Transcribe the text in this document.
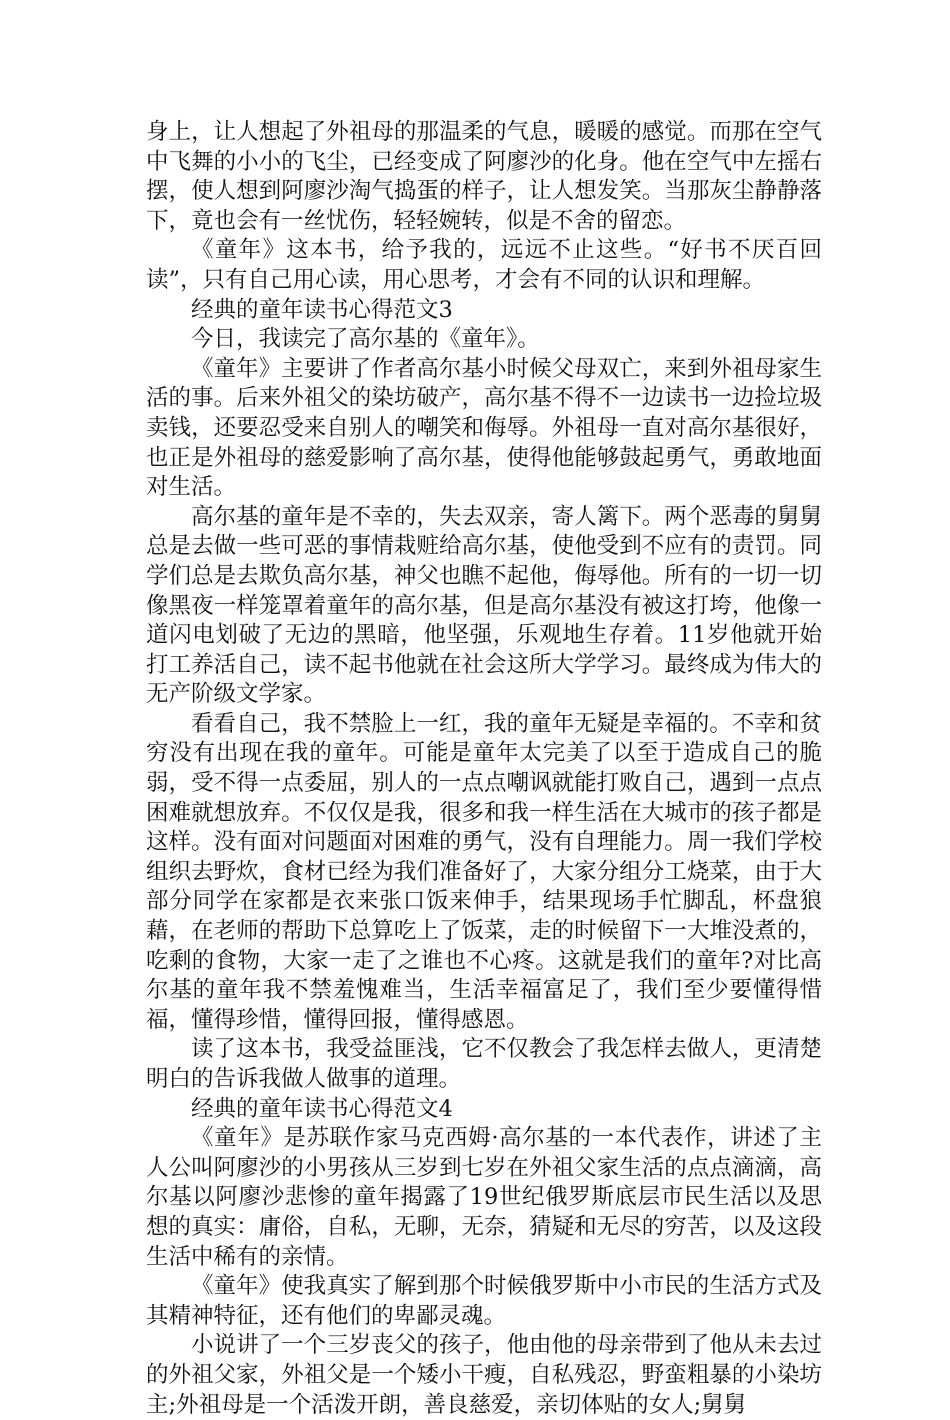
身上，让人想起了外祖母的那温柔的气息，暖暖的感觉。而那在空气中飞舞的小小的飞尘，已经变成了阿廖沙的化身。他在空气中左摇右摆，使人想到阿廖沙淘气捣蛋的样子，让人想发笑。当那灰尘静静落下，竟也会有一丝忧伤，轻轻婉转，似是不舍的留恋。

《童年》这本书，给予我的，远远不止这些。“好书不厌百回读”，只有自己用心读，用心思考，才会有不同的认识和理解。

经典的童年读书心得范文3

今日，我读完了高尔基的《童年》。

《童年》主要讲了作者高尔基小时候父母双亡，来到外祖母家生活的事。后来外祖父的染坊破产，高尔基不得不一边读书一边捡垃圾卖钱，还要忍受来自别人的嘲笑和侮辱。外祖母一直对高尔基很好，也正是外祖母的慈爱影响了高尔基，使得他能够鼓起勇气，勇敢地面对生活。

高尔基的童年是不幸的，失去双亲，寄人篱下。两个恶毒的舅舅总是去做一些可恶的事情栽赃给高尔基，使他受到不应有的责罚。同学们总是去欺负高尔基，神父也瞧不起他，侮辱他。所有的一切一切像黑夜一样笼罩着童年的高尔基，但是高尔基没有被这打垮，他像一道闪电划破了无边的黑暗，他坚强，乐观地生存着。11岁他就开始打工养活自己，读不起书他就在社会这所大学学习。最终成为伟大的无产阶级文学家。

看看自己，我不禁脸上一红，我的童年无疑是幸福的。不幸和贫穷没有出现在我的童年。可能是童年太完美了以至于造成自己的脆弱，受不得一点委屈，别人的一点点嘲讽就能打败自己，遇到一点点困难就想放弃。不仅仅是我，很多和我一样生活在大城市的孩子都是这样。没有面对问题面对困难的勇气，没有自理能力。周一我们学校组织去野炊，食材已经为我们准备好了，大家分组分工烧菜，由于大部分同学在家都是衣来张口饭来伸手，结果现场手忙脚乱，杯盘狼藉，在老师的帮助下总算吃上了饭菜，走的时候留下一大堆没煮的，吃剩的食物，大家一走了之谁也不心疼。这就是我们的童年?对比高尔基的童年我不禁羞愧难当，生活幸福富足了，我们至少要懂得惜福，懂得珍惜，懂得回报，懂得感恩。

读了这本书，我受益匪浅，它不仅教会了我怎样去做人，更清楚明白的告诉我做人做事的道理。

经典的童年读书心得范文4

《童年》是苏联作家马克西姆·高尔基的一本代表作，讲述了主人公叫阿廖沙的小男孩从三岁到七岁在外祖父家生活的点点滴滴，高尔基以阿廖沙悲惨的童年揭露了19世纪俄罗斯底层市民生活以及思想的真实：庸俗，自私，无聊，无奈，猜疑和无尽的穷苦，以及这段生活中稀有的亲情。

《童年》使我真实了解到那个时候俄罗斯中小市民的生活方式及其精神特征，还有他们的卑鄙灵魂。

小说讲了一个三岁丧父的孩子，他由他的母亲带到了他从未去过的外祖父家，外祖父是一个矮小干瘦，自私残忍，野蛮粗暴的小染坊主;外祖母是一个活泼开朗，善良慈爱，亲切体贴的女人;舅舅
